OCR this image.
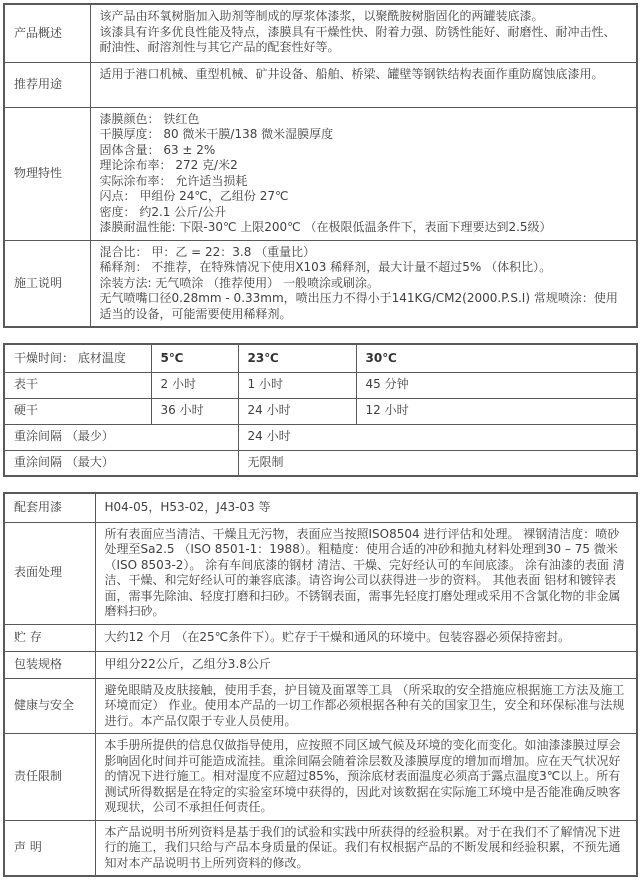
产品概述	该产品由环氧树脂加入助剂等制成的厚浆体漆浆，以聚酰胺树脂固化的两罐装底漆。
该漆具有许多优良性能及特点，漆膜具有干燥性快、附着力强、防锈性能好、耐磨性、耐冲击性、耐油性、耐溶剂性与其它产品的配套性好等。

推荐用途	适用于港口机械、重型机械、矿井设备、船舶、桥梁、罐壁等钢铁结构表面作重防腐蚀底漆用。

物理特性	
漆膜颜色： 铁红色
干膜厚度： 80 微米干膜/138 微米湿膜厚度
固体含量： 63 ± 2%
理论涂布率： 272 克/米2
实际涂布率： 允许适当损耗
闪点： 甲组份 24℃，乙组份 27℃
密度： 约2.1 公斤/公升
漆膜耐温性能: 下限-30℃ 上限200℃ （在极限低温条件下，表面下理要达到2.5级）

施工说明	混合比： 甲：乙 = 22：3.8 （重量比）
稀释剂： 不推荐，在特殊情况下使用X103 稀释剂，最大计量不超过5% （体积比）。
涂装方法: 无气喷涂 （推荐使用） 一般喷涂或刷涂。
无气喷嘴口径0.28mm - 0.33mm，喷出压力不得小于141KG/CM2(2000.P.S.I) 常规喷涂：使用适当的设备，可能需要使用稀释剂。
干燥时间： 底材温度	5℃	23℃	30℃
表干	2 小时	1 小时	45 分钟
硬干	36 小时	24 小时	12 小时
重涂间隔 （最少）		24 小时	
重涂间隔 （最大）		无限制	
配套用漆	H04-05，H53-02，J43-03 等
表面处理	所有表面应当清洁、干燥且无污物，表面应当按照ISO8504 进行评估和处理。 裸钢清洁度：喷砂处理至Sa2.5 （ISO 8501-1：1988）。粗糙度：使用合适的冲砂和抛丸材料处理到30 – 75 微米 （ISO 8503-2）。 涂有车间底漆的钢材 清洁、干燥、完好经认可的车间底漆。 涂有油漆的表面 清洁、干燥、和完好经认可的兼容底漆。请咨询公司以获得进一步的资料。 其他表面 铝材和镀锌表面，需事先除油、轻度打磨和扫砂。不锈钢表面，需事先轻度打磨处理或采用不含氯化物的非金属磨料扫砂。
贮 存	大约12 个月 （在25℃条件下）。贮存于干燥和通风的环境中。包装容器必须保持密封。
包装规格	甲组分22公斤，乙组分3.8公斤
健康与安全	避免眼睛及皮肤接触，使用手套，护目镜及面罩等工具 （所采取的安全措施应根据施工方法及施工环境而定） 作业。使用本产品的一切工作都必须根据各种有关的国家卫生，安全和环保标准与法规进行。本产品仅限于专业人员使用。
责任限制	本手册所提供的信息仅做指导使用，应按照不同区域气候及环境的变化而变化。如油漆漆膜过厚会影响固化时间并可能造成流挂。重涂间隔会随着涂层数及漆膜厚度的增加而增加。应在天气状况好的情况下进行施工。相对湿度不应超过85%，预涂底材表面温度必须高于露点温度3℃以上。所有测试所得数据是在特定的实验室环境中获得的，因此对该数据在实际施工环境中是否能准确反映客观现状，公司不承担任何责任。
声 明	本产品说明书所列资料是基于我们的试验和实践中所获得的经验积累。对于在我们不了解情况下进行的施工，我们只给与产品本身质量的保证。我们有权根据产品的不断发展和经验积累，不预先通知对本产品说明书上所列资料的修改。
